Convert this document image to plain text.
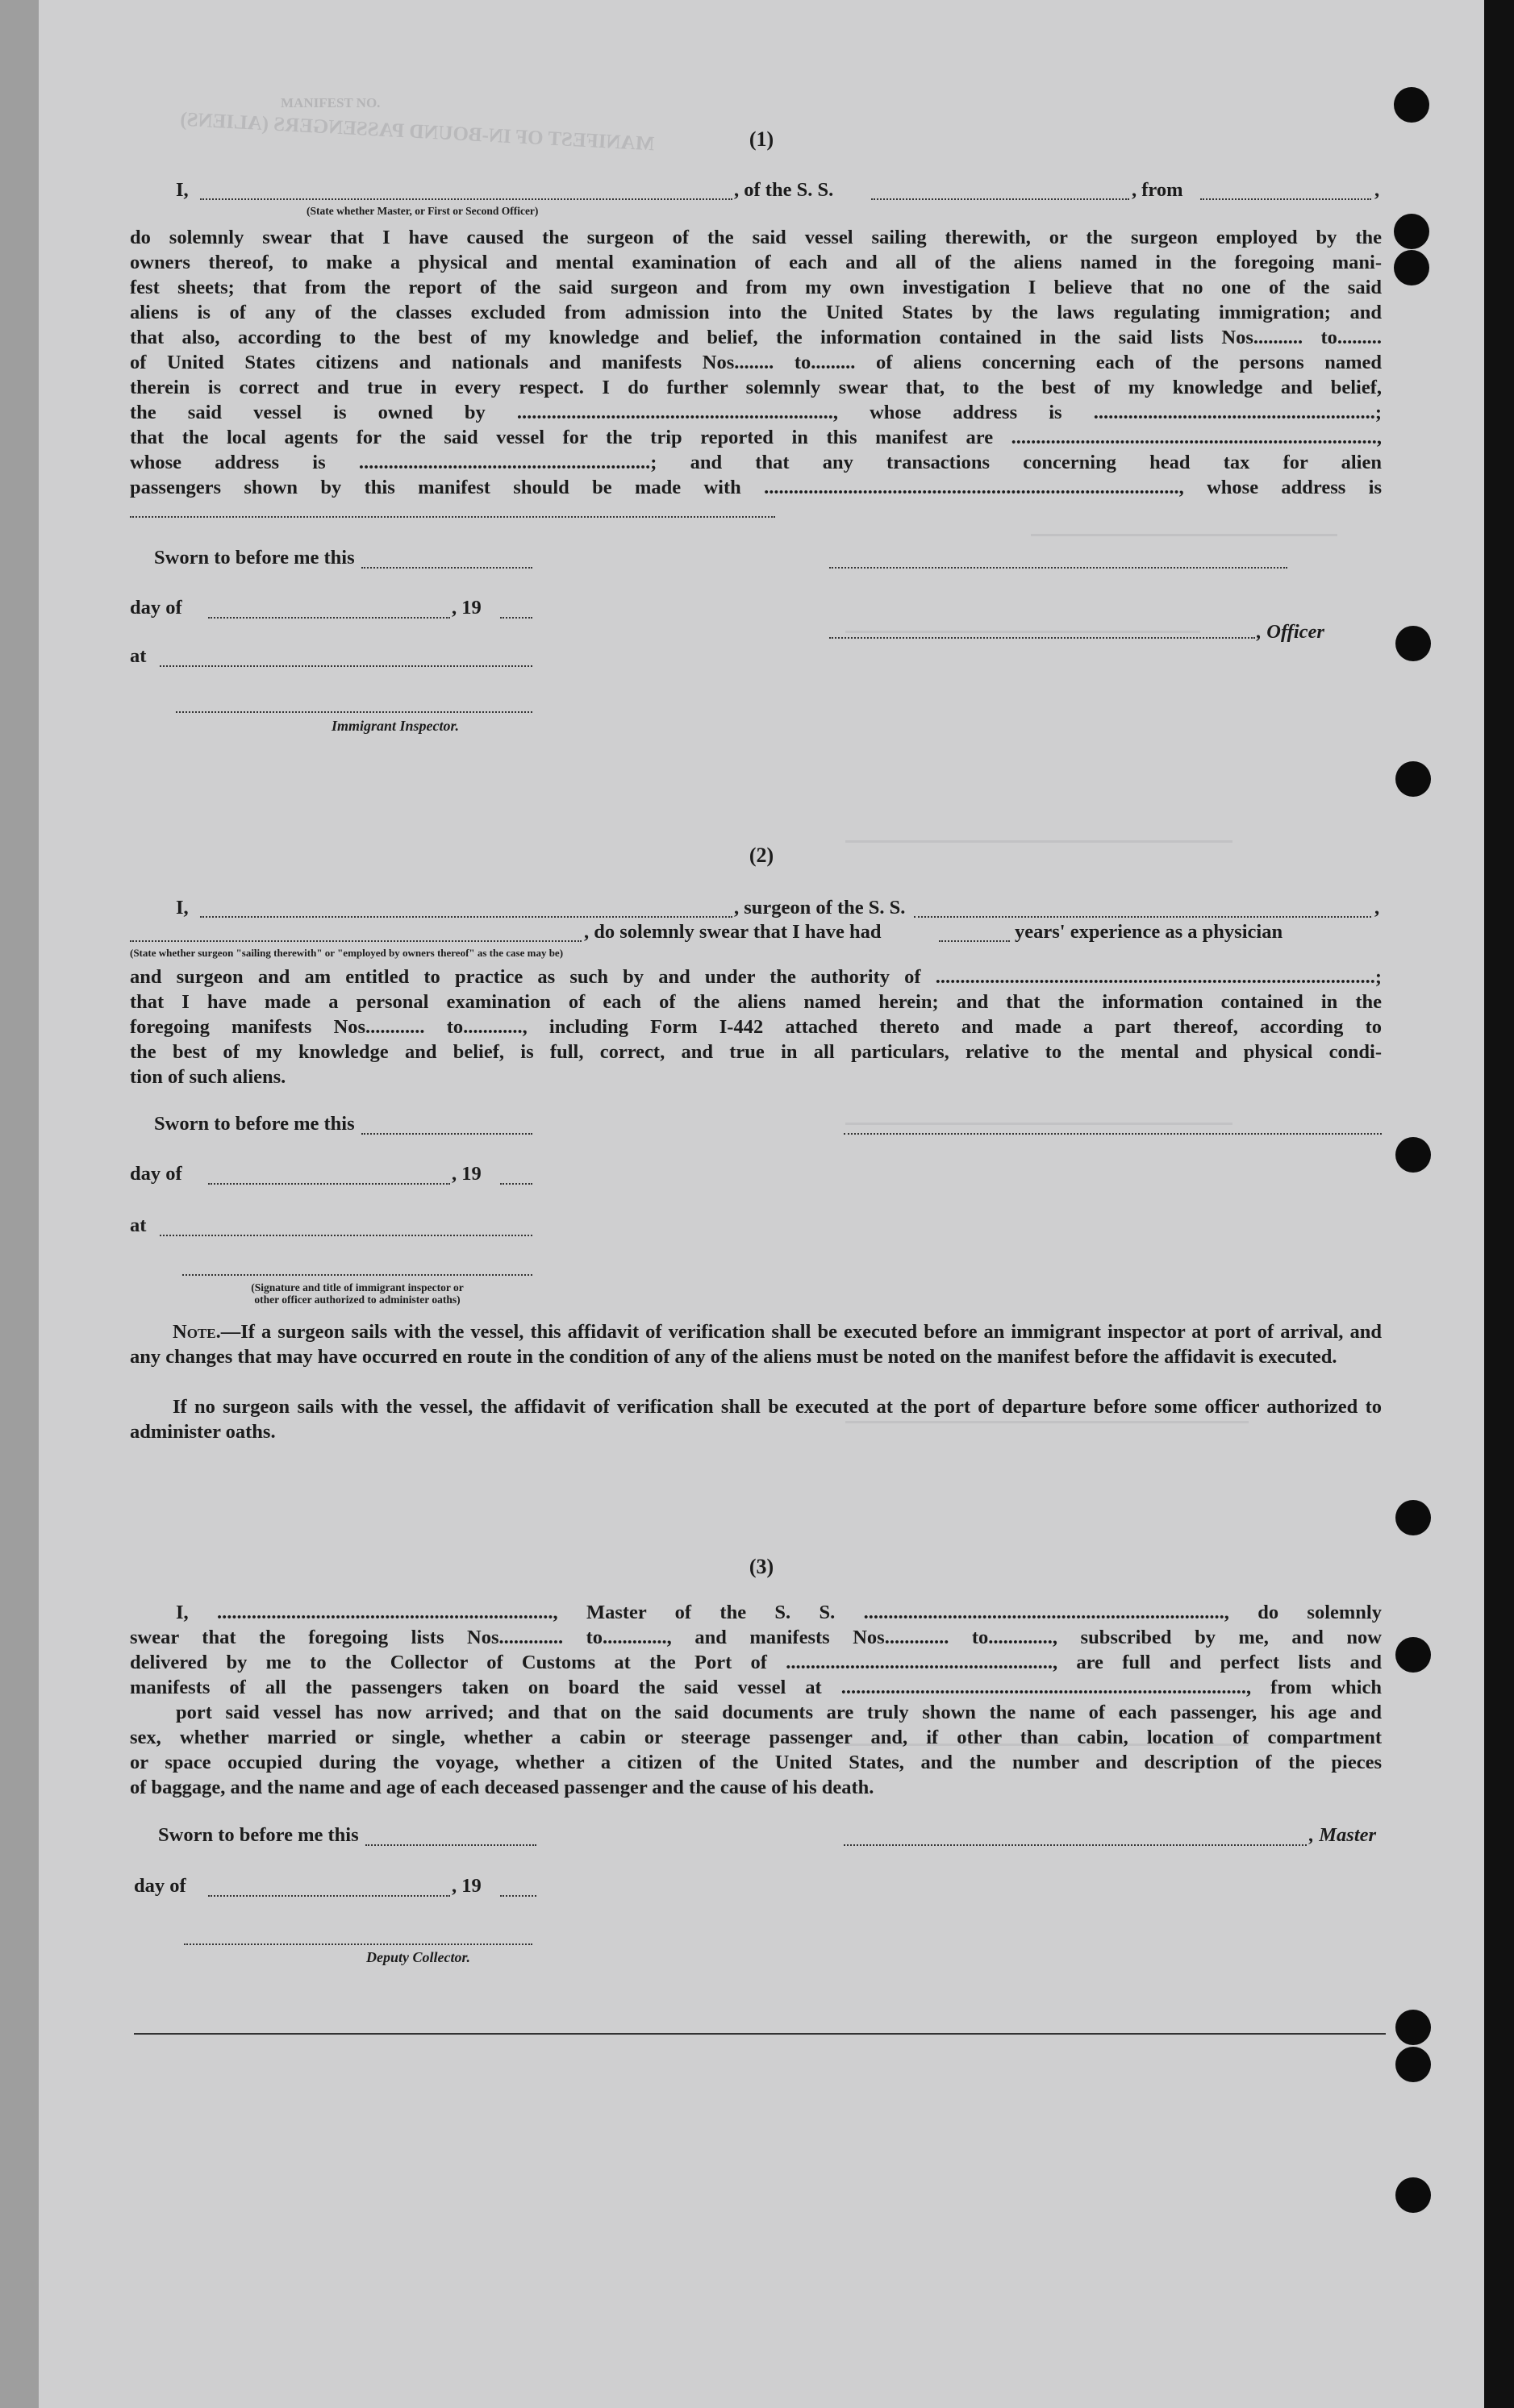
MANIFEST NO.
MANIFEST OF IN-BOUND PASSENGERS (ALIENS)	(1)
I,	, of the S. S.	, from	,
(State whether Master, or First or Second Officer)
do solemnly swear that I have caused the surgeon of the said vessel sailing therewith, or the surgeon employed by the
owners thereof, to make a physical and mental examination of each and all of the aliens named in the foregoing mani-
fest sheets; that from the report of the said surgeon and from my own investigation I believe that no one of the said
aliens is of any of the classes excluded from admission into the United States by the laws regulating immigration; and
that also, according to the best of my knowledge and belief, the information contained in the said lists Nos.......... to.........
of United States citizens and nationals and manifests Nos........ to......... of aliens concerning each of the persons named
therein is correct and true in every respect. I do further solemnly swear that, to the best of my knowledge and belief,
the said vessel is owned by ................................................................, whose address is .........................................................;
that the local agents for the said vessel for the trip reported in this manifest are ..........................................................................,
whose address is ...........................................................; and that any transactions concerning head tax for alien
passengers shown by this manifest should be made with ...................................................................................., whose address is
Sworn to before me this
day of	, 19
, Officer
at
Immigrant Inspector.
(2)
I,	, surgeon of the S. S.	,
, do solemnly swear that I have had	years' experience as a physician
(State whether surgeon "sailing therewith" or "employed by owners thereof" as the case may be)
and surgeon and am entitled to practice as such by and under the authority of .........................................................................................;
that I have made a personal examination of each of the aliens named herein; and that the information contained in the
foregoing manifests Nos............ to............, including Form I-442 attached thereto and made a part thereof, according to
the best of my knowledge and belief, is full, correct, and true in all particulars, relative to the mental and physical condi-
tion of such aliens.
Sworn to before me this
day of	, 19
at
(Signature and title of immigrant inspector or
other officer authorized to administer oaths)
Note.—If a surgeon sails with the vessel, this affidavit of verification shall be executed before an immigrant inspector at port of arrival, and any changes that may have occurred en route in the condition of any of the aliens must be noted on the manifest before the affidavit is executed.
If no surgeon sails with the vessel, the affidavit of verification shall be executed at the port of departure before some officer authorized to administer oaths.
(3)
I, ...................................................................., Master of the S. S. ........................................................................., do solemnly
swear that the foregoing lists Nos............. to............., and manifests Nos............. to............., subscribed by me, and now
delivered by me to the Collector of Customs at the Port of ......................................................, are full and perfect lists and
manifests of all the passengers taken on board the said vessel at .................................................................................., from which
port said vessel has now arrived; and that on the said documents are truly shown the name of each passenger, his age and
sex, whether married or single, whether a cabin or steerage passenger and, if other than cabin, location of compartment
or space occupied during the voyage, whether a citizen of the United States, and the number and description of the pieces
of baggage, and the name and age of each deceased passenger and the cause of his death.
Sworn to before me this	, Master
day of	, 19
Deputy Collector.
